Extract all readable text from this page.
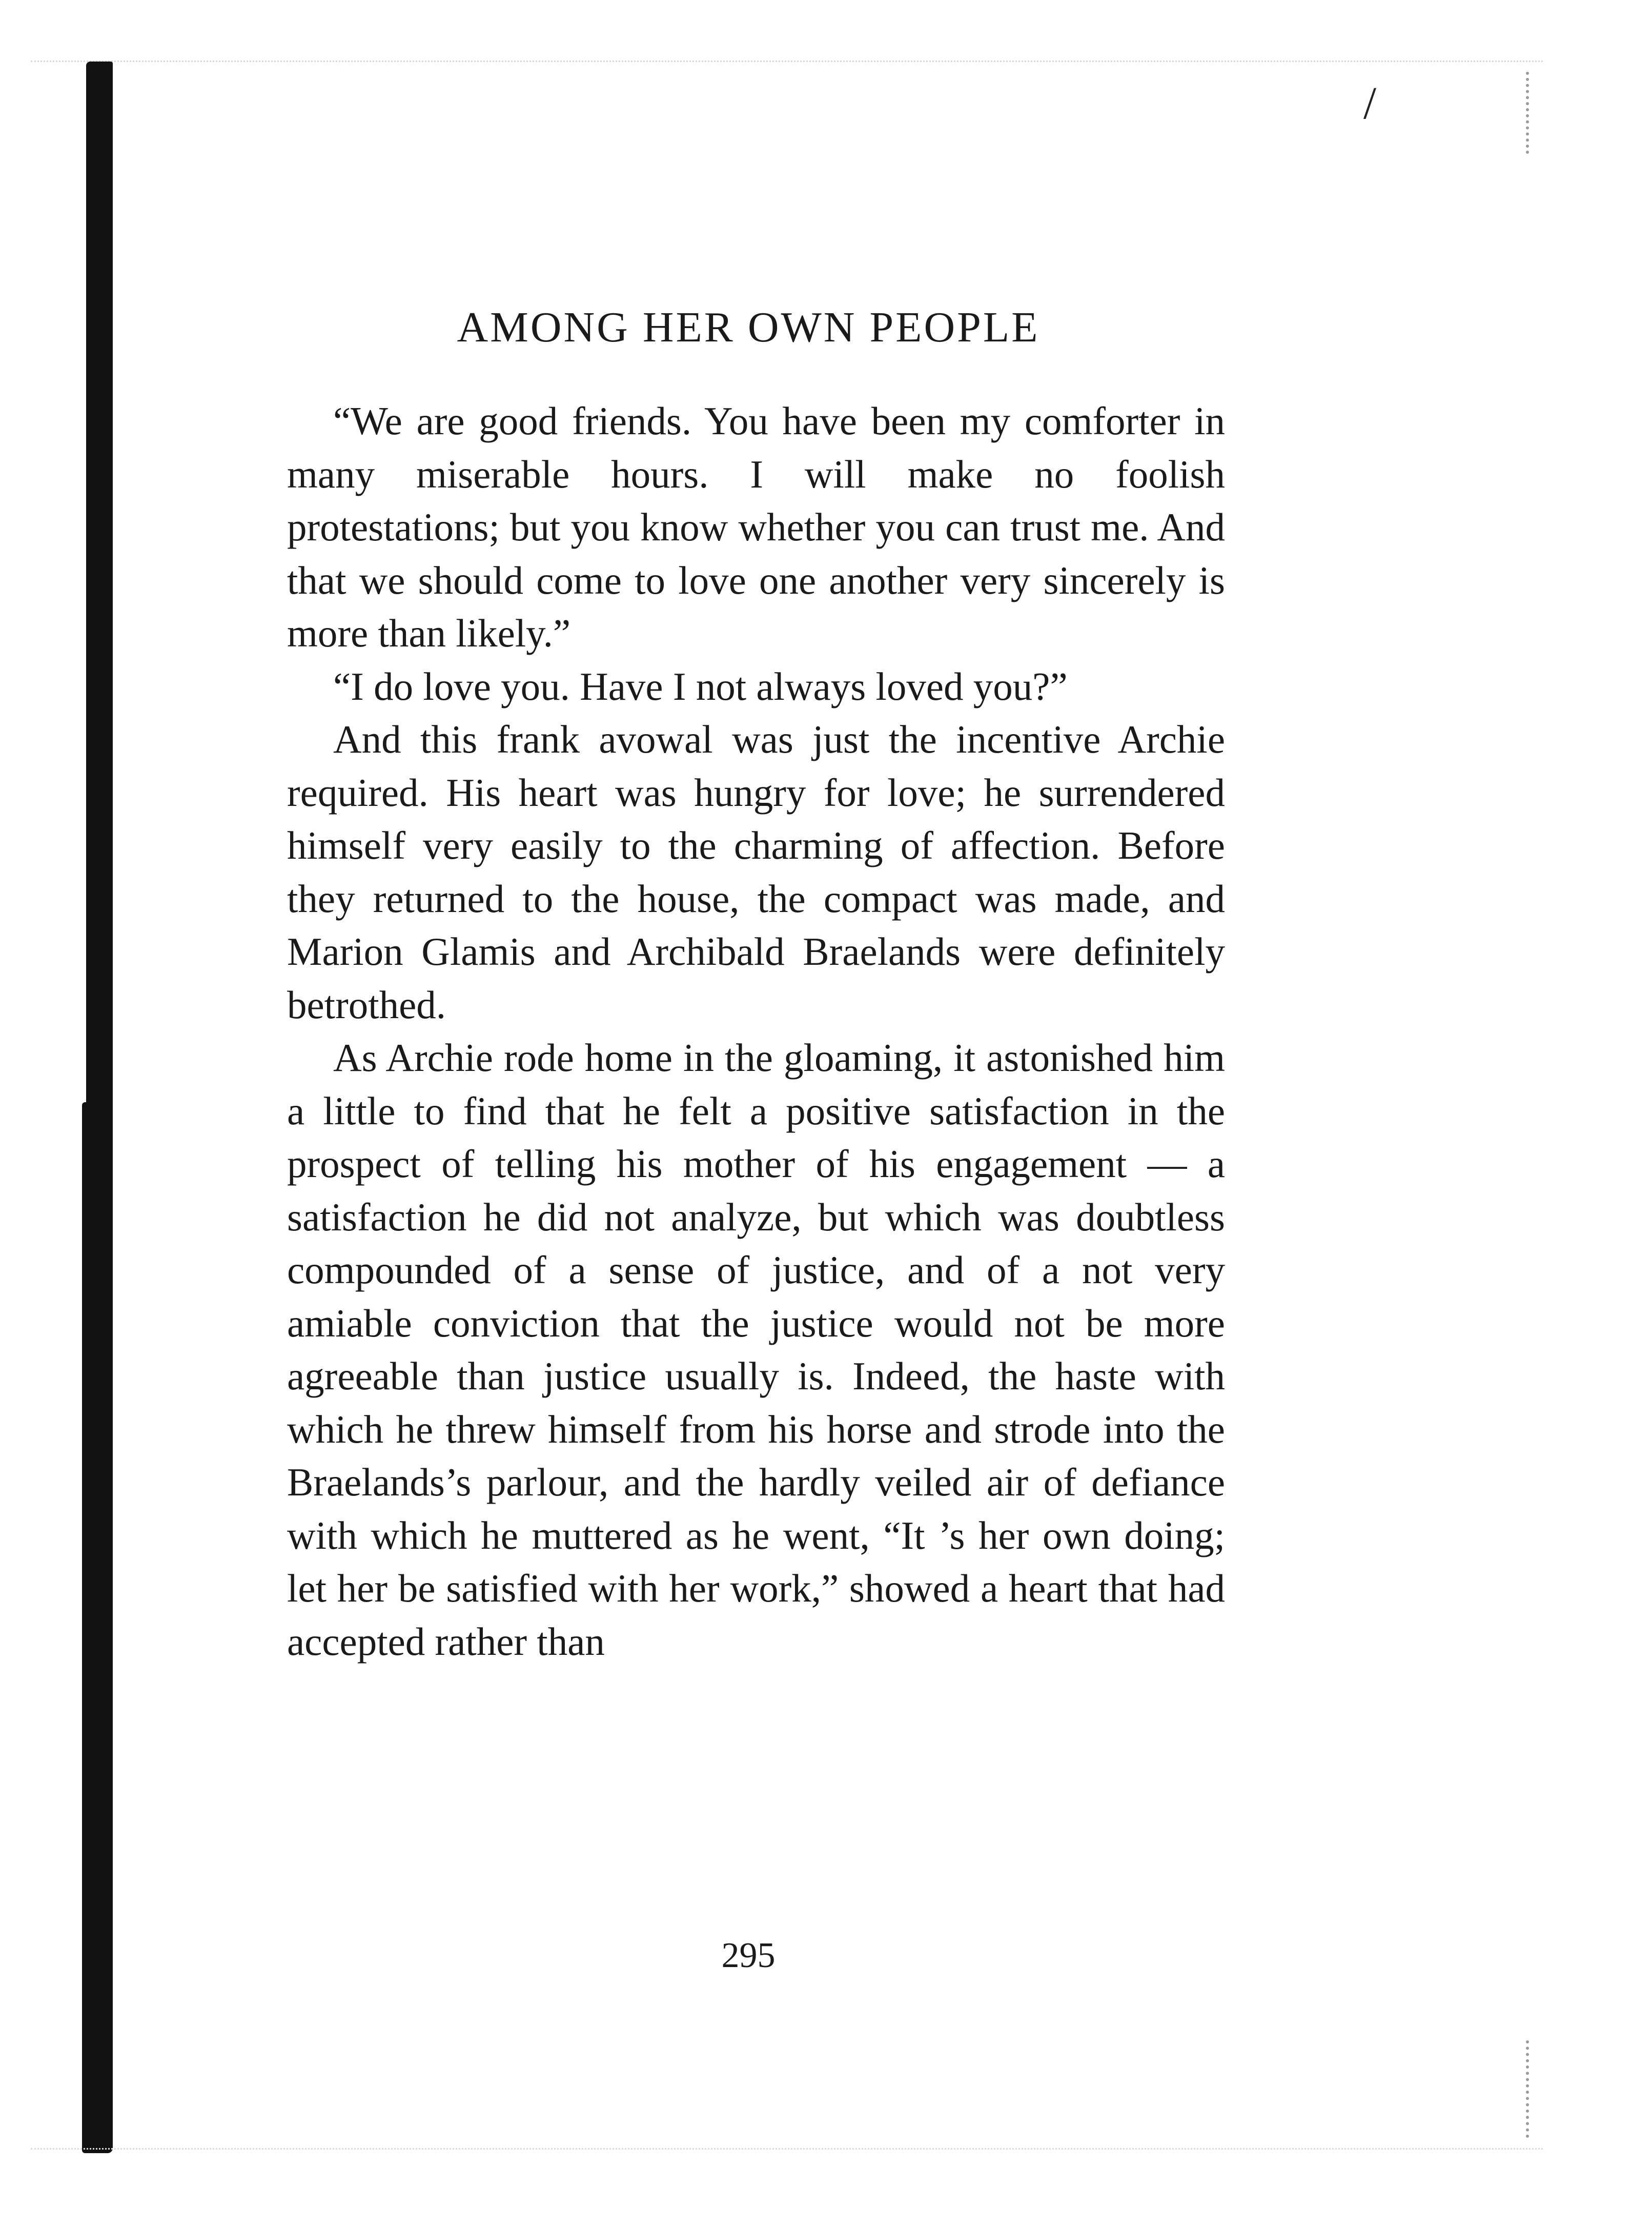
/
AMONG HER OWN PEOPLE

“We are good friends. You have been my comforter in many miserable hours. I will make no foolish protestations; but you know whether you can trust me. And that we should come to love one another very sincerely is more than likely.”

“I do love you. Have I not always loved you?”

And this frank avowal was just the incentive Archie required. His heart was hungry for love; he surrendered himself very easily to the charming of affection. Before they returned to the house, the compact was made, and Marion Glamis and Archibald Braelands were definitely betrothed.

As Archie rode home in the gloaming, it astonished him a little to find that he felt a positive satisfaction in the prospect of telling his mother of his engagement — a satisfaction he did not analyze, but which was doubtless compounded of a sense of justice, and of a not very amiable conviction that the justice would not be more agreeable than justice usually is. Indeed, the haste with which he threw himself from his horse and strode into the Braelands’s parlour, and the hardly veiled air of defiance with which he muttered as he went, “It ’s her own doing; let her be satisfied with her work,” showed a heart that had accepted rather than

295
